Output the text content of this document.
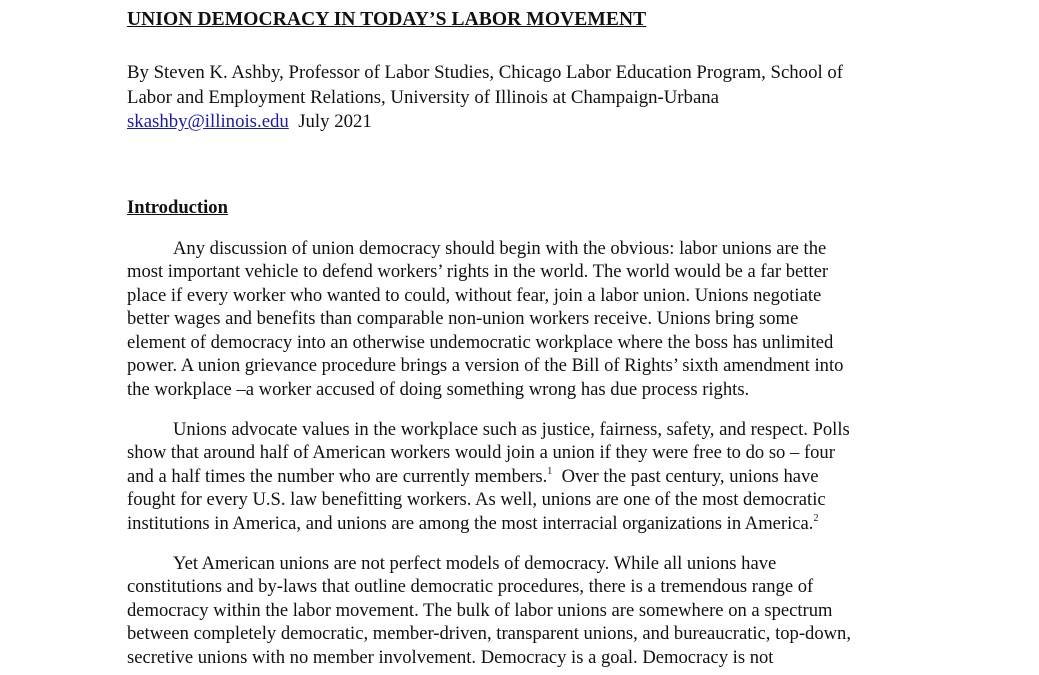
UNION DEMOCRACY IN TODAY’S LABOR MOVEMENT
By Steven K. Ashby, Professor of Labor Studies, Chicago Labor Education Program, School of
Labor and Employment Relations, University of Illinois at Champaign-Urbana
skashby@illinois.edu July 2021
Introduction
Any discussion of union democracy should begin with the obvious: labor unions are the
most important vehicle to defend workers’ rights in the world. The world would be a far better
place if every worker who wanted to could, without fear, join a labor union. Unions negotiate
better wages and benefits than comparable non-union workers receive. Unions bring some
element of democracy into an otherwise undemocratic workplace where the boss has unlimited
power. A union grievance procedure brings a version of the Bill of Rights’ sixth amendment into
the workplace –a worker accused of doing something wrong has due process rights.
Unions advocate values in the workplace such as justice, fairness, safety, and respect. Polls
show that around half of American workers would join a union if they were free to do so – four
and a half times the number who are currently members.$^1$ Over the past century, unions have
fought for every U.S. law benefitting workers. As well, unions are one of the most democratic
institutions in America, and unions are among the most interracial organizations in America.$^2$
Yet American unions are not perfect models of democracy. While all unions have
constitutions and by-laws that outline democratic procedures, there is a tremendous range of
democracy within the labor movement. The bulk of labor unions are somewhere on a spectrum
between completely democratic, member-driven, transparent unions, and bureaucratic, top-down,
secretive unions with no member involvement. Democracy is a goal. Democracy is not
